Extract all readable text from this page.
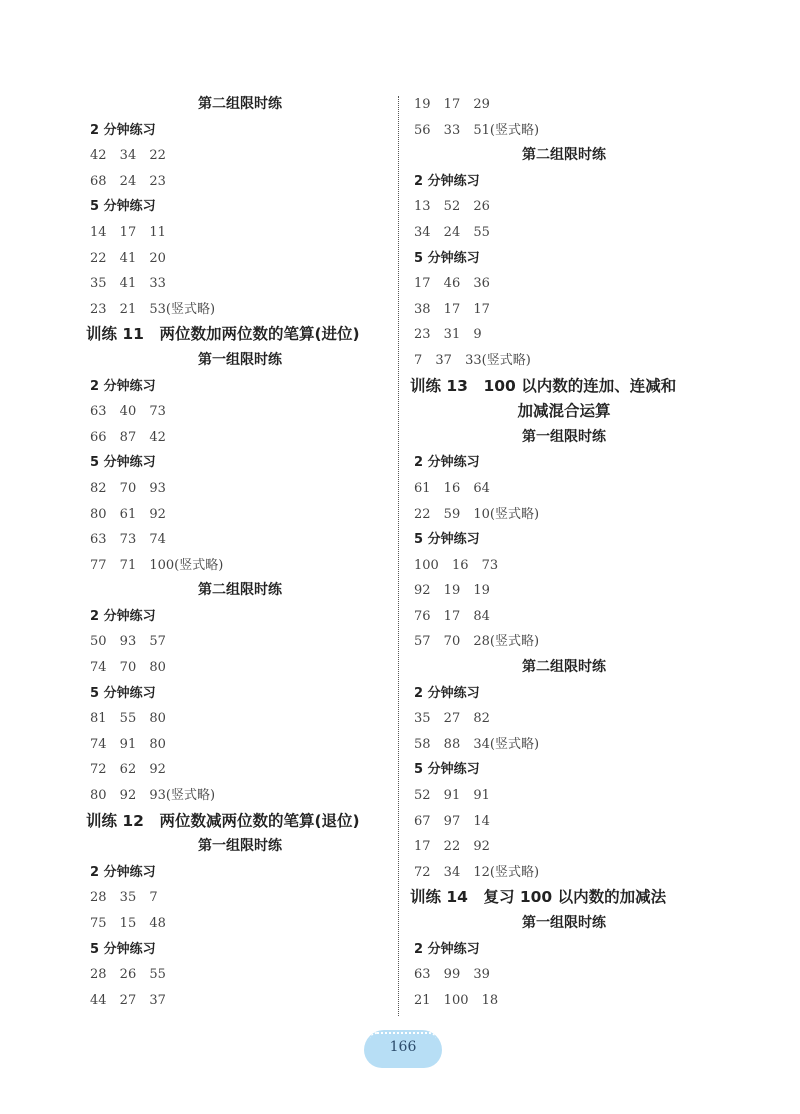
第二组限时练
2 分钟练习
42 34 22
68 24 23
5 分钟练习
14 17 11
22 41 20
35 41 33
23 21 53(竖式略)
训练 11　两位数加两位数的笔算(进位)
第一组限时练
2 分钟练习
63 40 73
66 87 42
5 分钟练习
82 70 93
80 61 92
63 73 74
77 71 100(竖式略)
第二组限时练
2 分钟练习
50 93 57
74 70 80
5 分钟练习
81 55 80
74 91 80
72 62 92
80 92 93(竖式略)
训练 12　两位数减两位数的笔算(退位)
第一组限时练
2 分钟练习
28 35 7
75 15 48
5 分钟练习
28 26 55
44 27 37
19 17 29
56 33 51(竖式略)
第二组限时练
2 分钟练习
13 52 26
34 24 55
5 分钟练习
17 46 36
38 17 17
23 31 9
7 37 33(竖式略)
训练 13　100 以内数的连加、连减和
加减混合运算
第一组限时练
2 分钟练习
61 16 64
22 59 10(竖式略)
5 分钟练习
100 16 73
92 19 19
76 17 84
57 70 28(竖式略)
第二组限时练
2 分钟练习
35 27 82
58 88 34(竖式略)
5 分钟练习
52 91 91
67 97 14
17 22 92
72 34 12(竖式略)
训练 14　复习 100 以内数的加减法
第一组限时练
2 分钟练习
63 99 39
21 100 18
166
